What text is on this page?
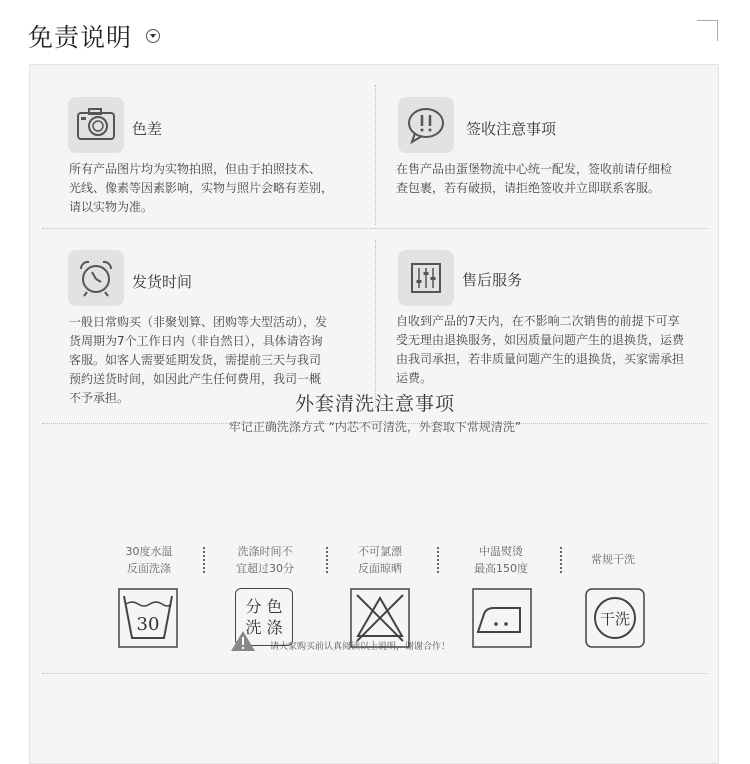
免责说明
色差
所有产品图片均为实物拍照，但由于拍照技术、
光线、像素等因素影响，实物与照片会略有差别，
请以实物为准。
签收注意事项
在售产品由蛋堡物流中心统一配发，签收前请仔细检
查包裹，若有破损，请拒绝签收并立即联系客服。
发货时间
一般日常购买（非聚划算、团购等大型活动），发
货周期为7个工作日内（非自然日），具体请咨询
客服。如客人需要延期发货，需提前三天与我司
预约送货时间，如因此产生任何费用，我司一概
不予承担。
售后服务
自收到产品的7天内，在不影响二次销售的前提下可享
受无理由退换服务，如因质量问题产生的退换货，运费
由我司承担，若非质量问题产生的退换货，买家需承担
运费。
外套清洗注意事项
牢记正确洗涤方式 “内芯不可清洗，外套取下常规清洗”
30度水温
反面洗涤
洗涤时间不
宜超过30分
不可氯漂
反面晾晒
中温熨烫
最高150度
常规干洗
30
分 色
洗 涤	干洗
请大家购买前认真阅读以上说明，谢谢合作！
